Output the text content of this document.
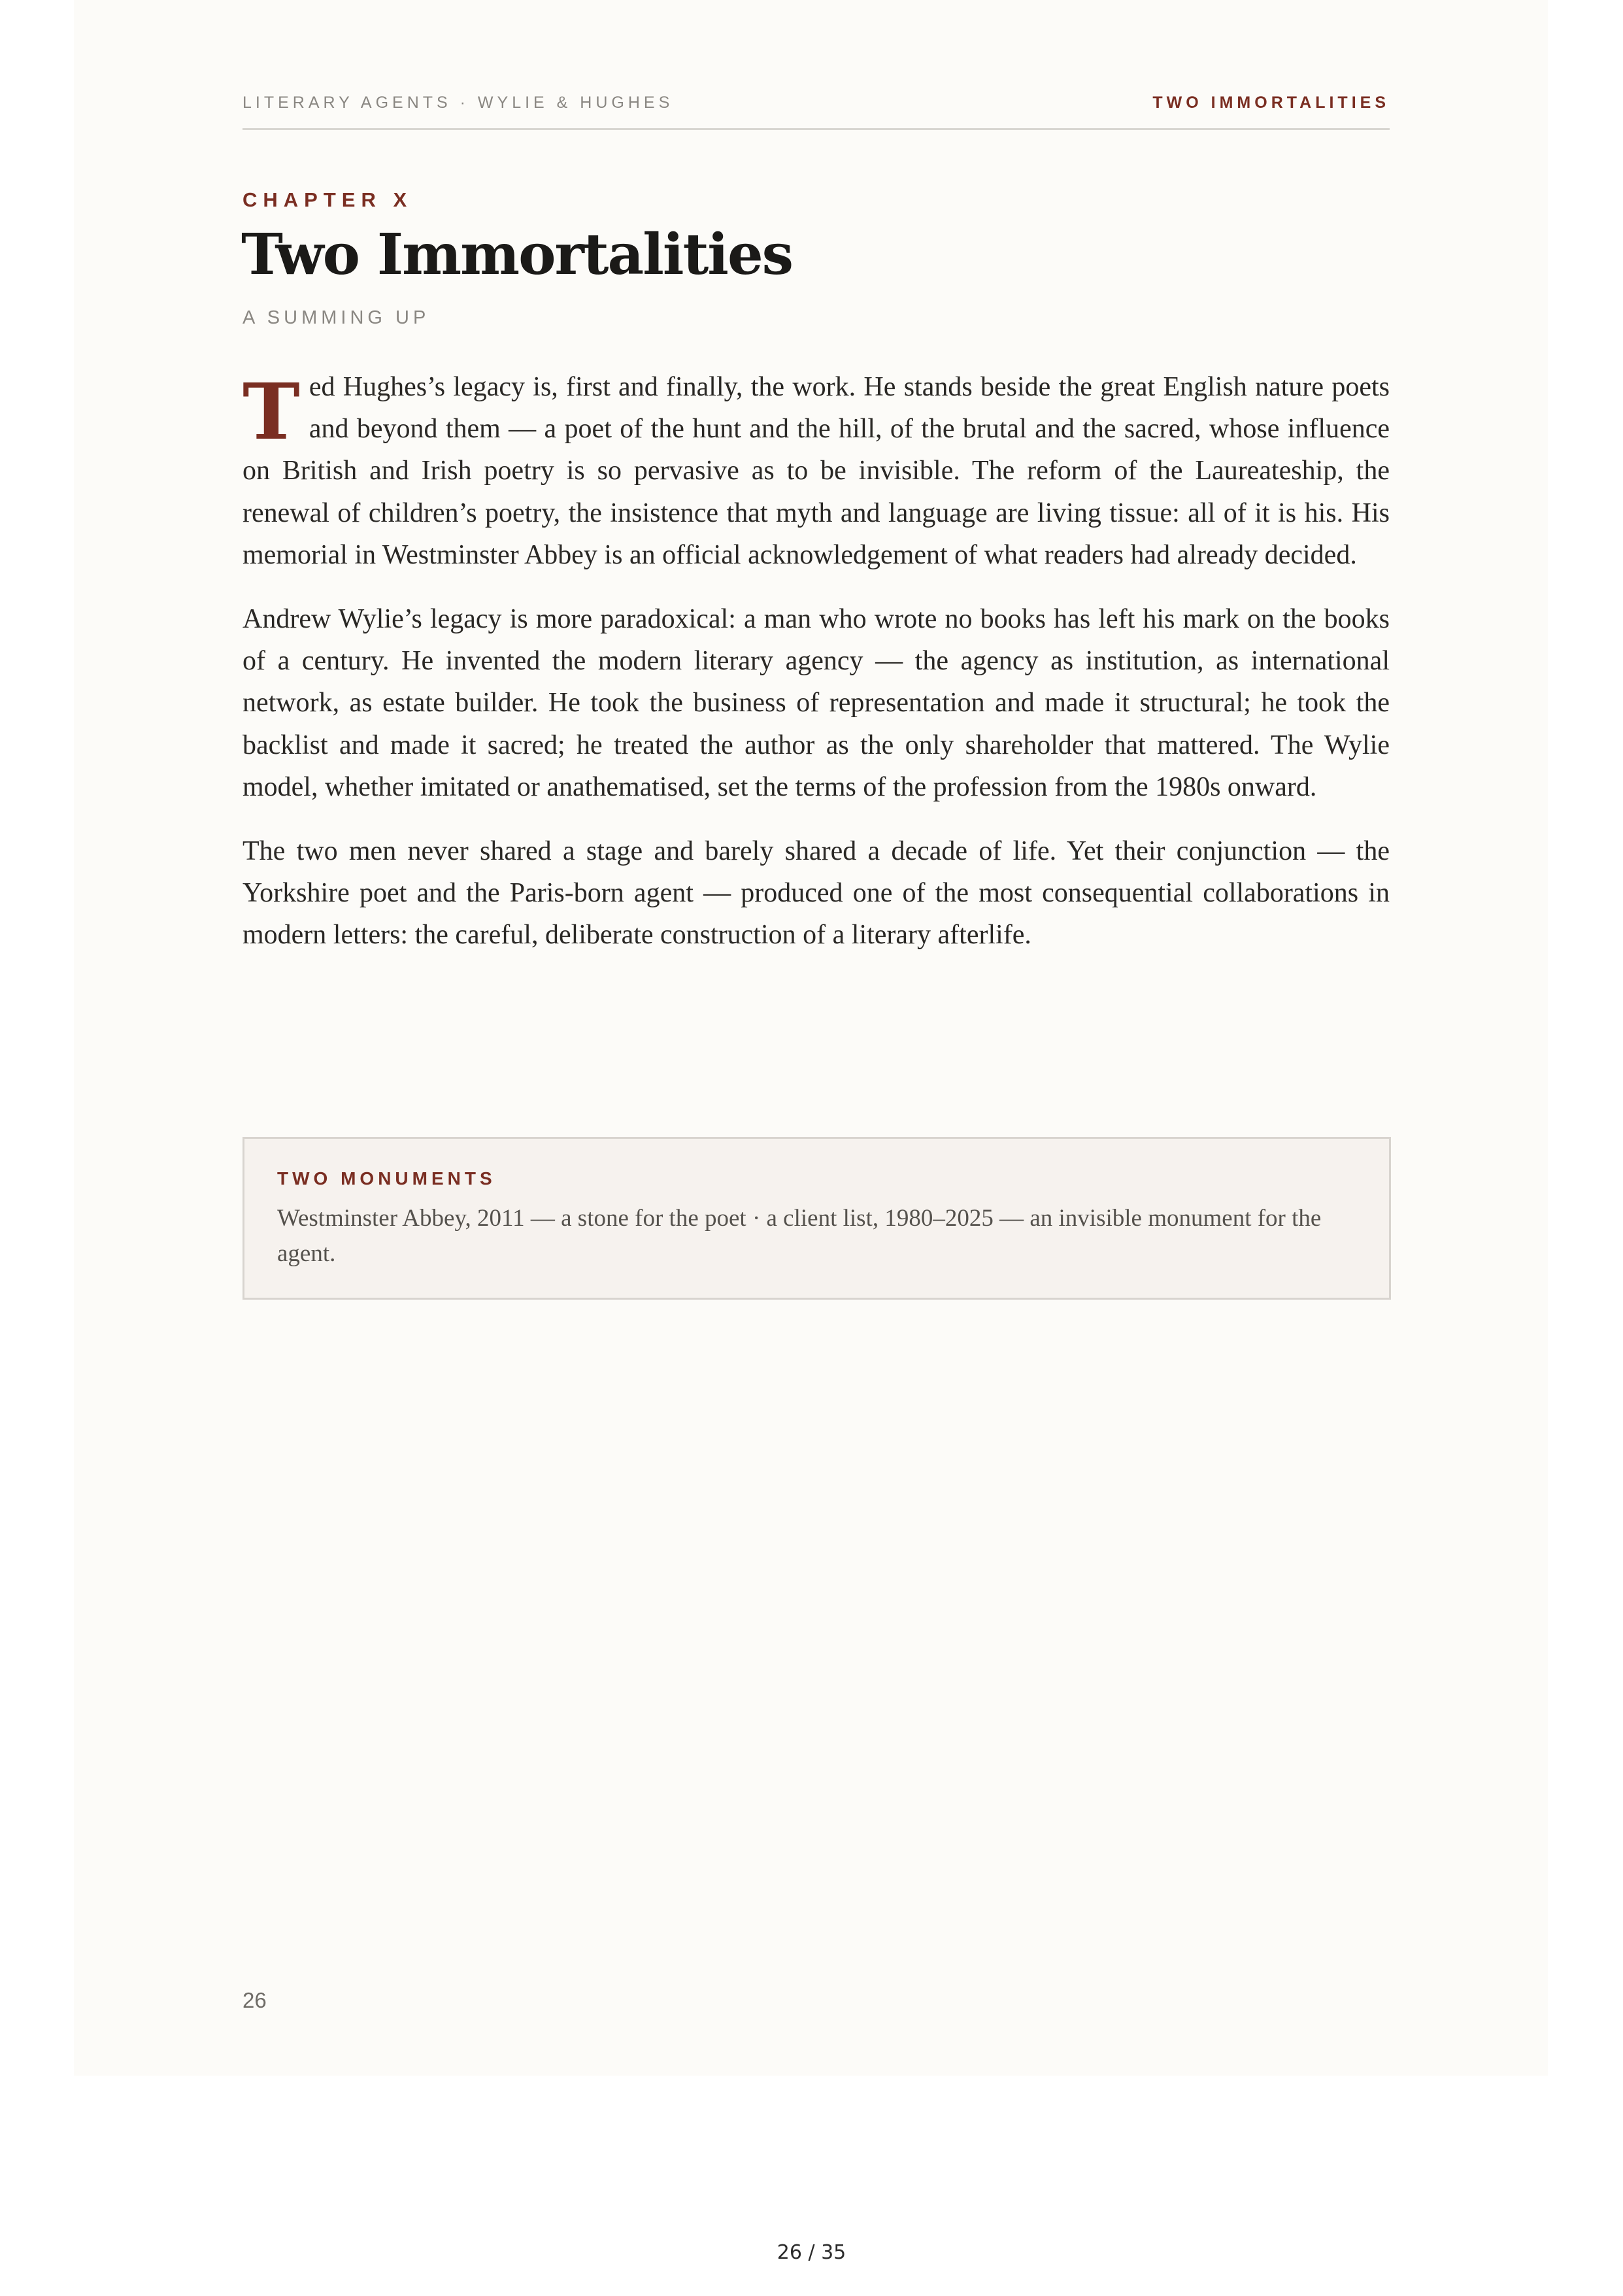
LITERARY AGENTS · WYLIE & HUGHES	TWO IMMORTALITIES
CHAPTER X
Two Immortalities
A SUMMING UP

Ted Hughes’s legacy is, first and finally, the work. He stands beside the great English nature poets and beyond them — a poet of the hunt and the hill, of the brutal and the sacred, whose influence on British and Irish poetry is so pervasive as to be invisible. The reform of the Laureateship, the renewal of children’s poetry, the insistence that myth and language are living tissue: all of it is his. His memorial in Westminster Abbey is an official acknowledgement of what readers had already decided.

Andrew Wylie’s legacy is more paradoxical: a man who wrote no books has left his mark on the books of a century. He invented the modern literary agency — the agency as institution, as international network, as estate builder. He took the business of representation and made it structural; he took the backlist and made it sacred; he treated the author as the only shareholder that mattered. The Wylie model, whether imitated or anathematised, set the terms of the profession from the 1980s onward.

The two men never shared a stage and barely shared a decade of life. Yet their conjunction — the Yorkshire poet and the Paris-born agent — produced one of the most consequential collaborations in modern letters: the careful, deliberate construction of a literary afterlife.

TWO MONUMENTS
Westminster Abbey, 2011 — a stone for the poet · a client list, 1980–2025 — an invisible monument for the agent.
26
26 / 35
